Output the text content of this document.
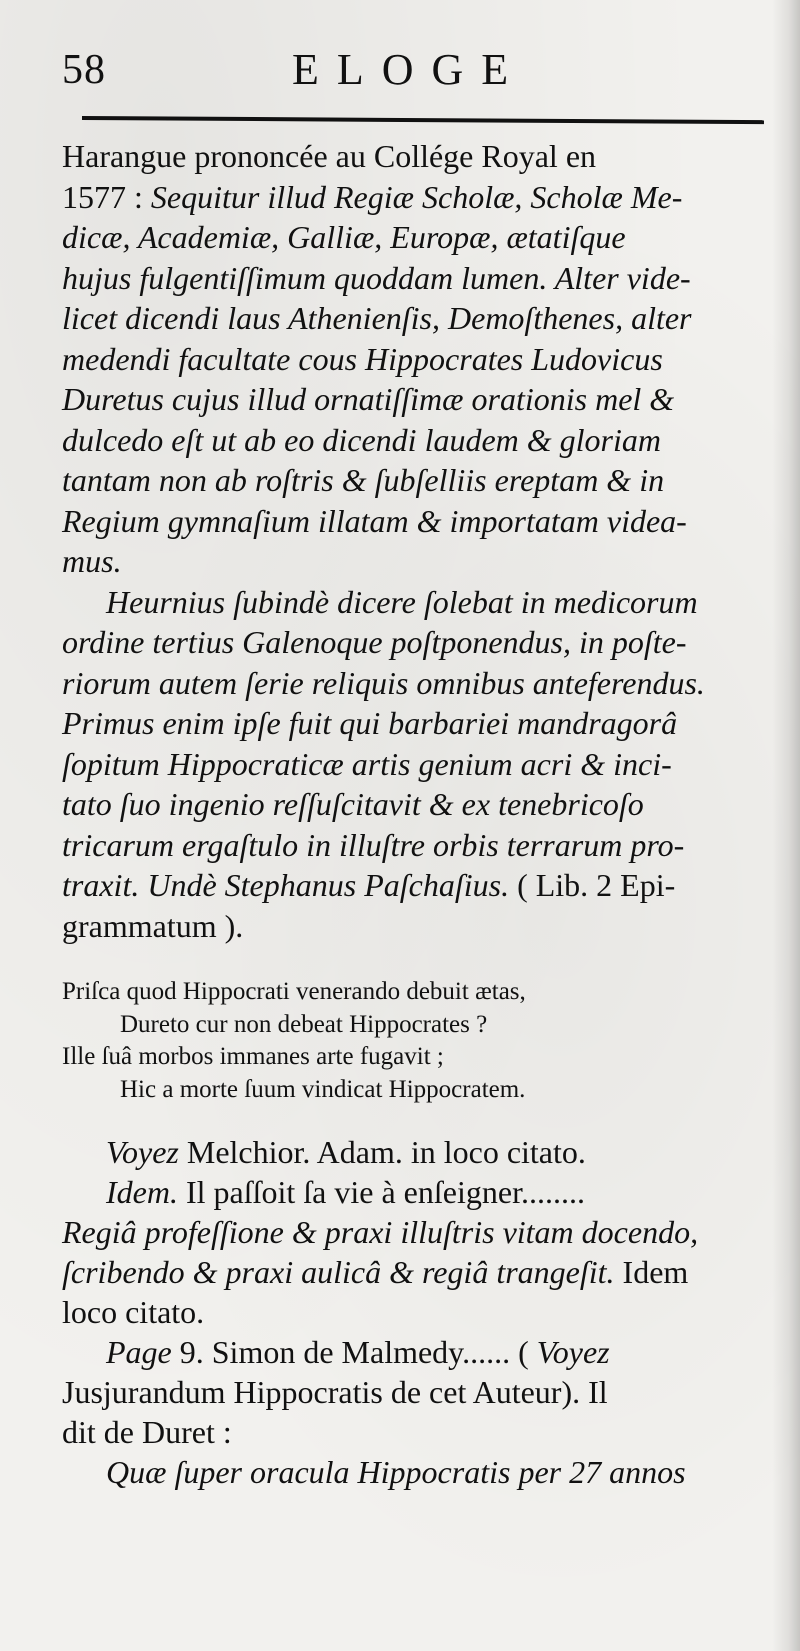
58	ELOGE
Harangue prononcée au Collége Royal en
1577 : Sequitur illud Regiæ Scholæ, Scholæ Me-
dicæ, Academiæ, Galliæ, Europæ, ætatiſque
hujus fulgentiſſimum quoddam lumen. Alter vide-
licet dicendi laus Athenienſis, Demoſthenes, alter
medendi facultate cous Hippocrates Ludovicus
Duretus cujus illud ornatiſſimæ orationis mel &
dulcedo eſt ut ab eo dicendi laudem & gloriam
tantam non ab roſtris & ſubſelliis ereptam & in
Regium gymnaſium illatam & importatam videa-
mus.
Heurnius ſubindè dicere ſolebat in medicorum
ordine tertius Galenoque poſtponendus, in poſte-
riorum autem ſerie reliquis omnibus anteferendus.
Primus enim ipſe fuit qui barbariei mandragorâ
ſopitum Hippocraticæ artis genium acri & inci-
tato ſuo ingenio reſſuſcitavit & ex tenebricoſo
tricarum ergaſtulo in illuſtre orbis terrarum pro-
traxit. Undè Stephanus Paſchaſius. ( Lib. 2 Epi-
grammatum ).
Priſca quod Hippocrati venerando debuit ætas,
Dureto cur non debeat Hippocrates ?
Ille ſuâ morbos immanes arte fugavit ;
Hic a morte ſuum vindicat Hippocratem.
Voyez Melchior. Adam. in loco citato.
Idem. Il paſſoit ſa vie à enſeigner........
Regiâ profeſſione & praxi illuſtris vitam docendo,
ſcribendo & praxi aulicâ & regiâ trangeſit. Idem
loco citato.
Page 9. Simon de Malmedy...... ( Voyez
Jusjurandum Hippocratis de cet Auteur). Il
dit de Duret :
Quæ ſuper oracula Hippocratis per 27 annos
